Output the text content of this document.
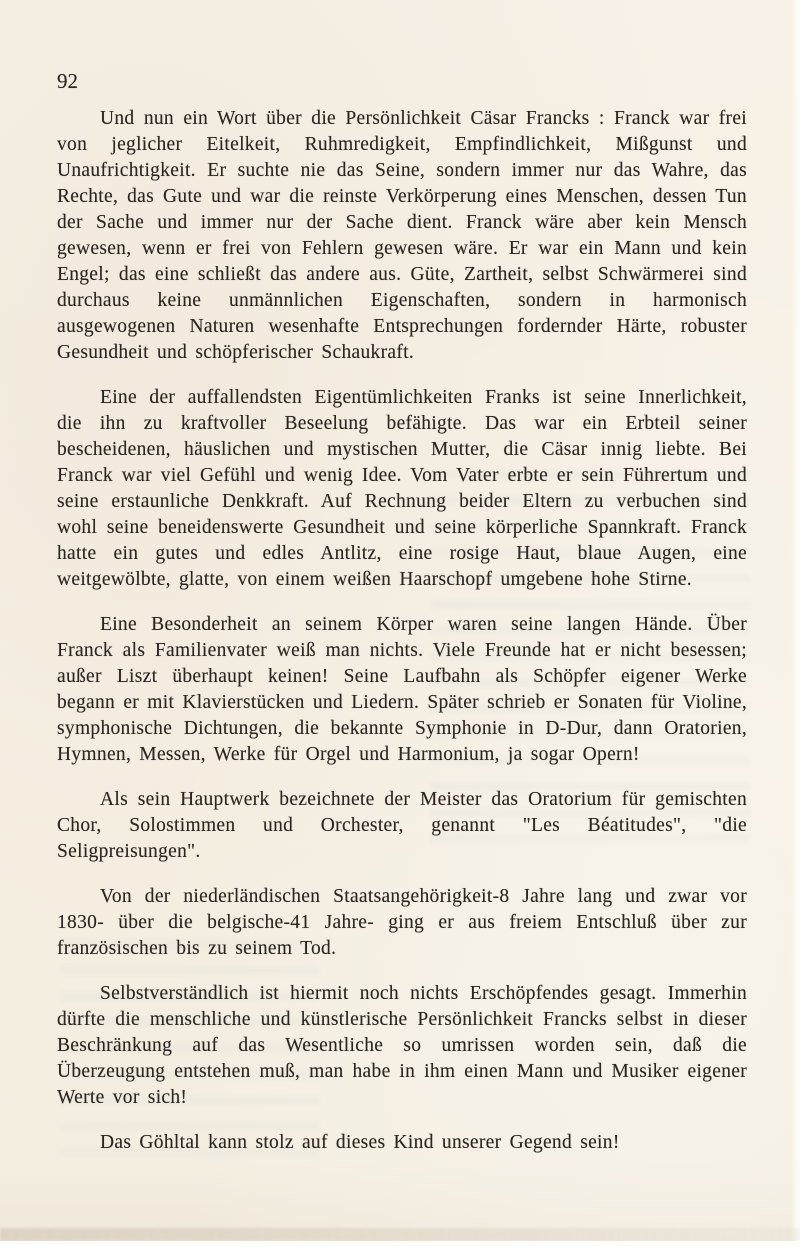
92

Und nun ein Wort über die Persönlichkeit Cäsar Francks : Franck war frei von jeglicher Eitelkeit, Ruhmredigkeit, Empfindlichkeit, Mißgunst und Unaufrichtigkeit. Er suchte nie das Seine, sondern immer nur das Wahre, das Rechte, das Gute und war die reinste Verkörperung eines Menschen, dessen Tun der Sache und immer nur der Sache dient. Franck wäre aber kein Mensch gewesen, wenn er frei von Fehlern gewesen wäre. Er war ein Mann und kein Engel; das eine schließt das andere aus. Güte, Zartheit, selbst Schwärmerei sind durchaus keine unmännlichen Eigenschaften, sondern in harmonisch ausgewogenen Naturen wesenhafte Entsprechungen fordernder Härte, robuster Gesundheit und schöpferischer Schaukraft.

Eine der auffallendsten Eigentümlichkeiten Franks ist seine Innerlichkeit, die ihn zu kraftvoller Beseelung befähigte. Das war ein Erbteil seiner bescheidenen, häuslichen und mystischen Mutter, die Cäsar innig liebte. Bei Franck war viel Gefühl und wenig Idee. Vom Vater erbte er sein Führertum und seine erstaunliche Denkkraft. Auf Rechnung beider Eltern zu verbuchen sind wohl seine beneidenswerte Gesundheit und seine körperliche Spannkraft. Franck hatte ein gutes und edles Antlitz, eine rosige Haut, blaue Augen, eine weitgewölbte, glatte, von einem weißen Haarschopf umgebene hohe Stirne.

Eine Besonderheit an seinem Körper waren seine langen Hände. Über Franck als Familienvater weiß man nichts. Viele Freunde hat er nicht besessen; außer Liszt überhaupt keinen! Seine Laufbahn als Schöpfer eigener Werke begann er mit Klavierstücken und Liedern. Später schrieb er Sonaten für Violine, symphonische Dichtungen, die bekannte Symphonie in D-Dur, dann Oratorien, Hymnen, Messen, Werke für Orgel und Harmonium, ja sogar Opern!

Als sein Hauptwerk bezeichnete der Meister das Oratorium für gemischten Chor, Solostimmen und Orchester, genannt "Les Béatitudes", "die Seligpreisungen".

Von der niederländischen Staatsangehörigkeit-8 Jahre lang und zwar vor 1830- über die belgische-41 Jahre- ging er aus freiem Entschluß über zur französischen bis zu seinem Tod.

Selbstverständlich ist hiermit noch nichts Erschöpfendes gesagt. Immerhin dürfte die menschliche und künstlerische Persönlichkeit Francks selbst in dieser Beschränkung auf das Wesentliche so umrissen worden sein, daß die Überzeugung entstehen muß, man habe in ihm einen Mann und Musiker eigener Werte vor sich!

Das Göhltal kann stolz auf dieses Kind unserer Gegend sein!
